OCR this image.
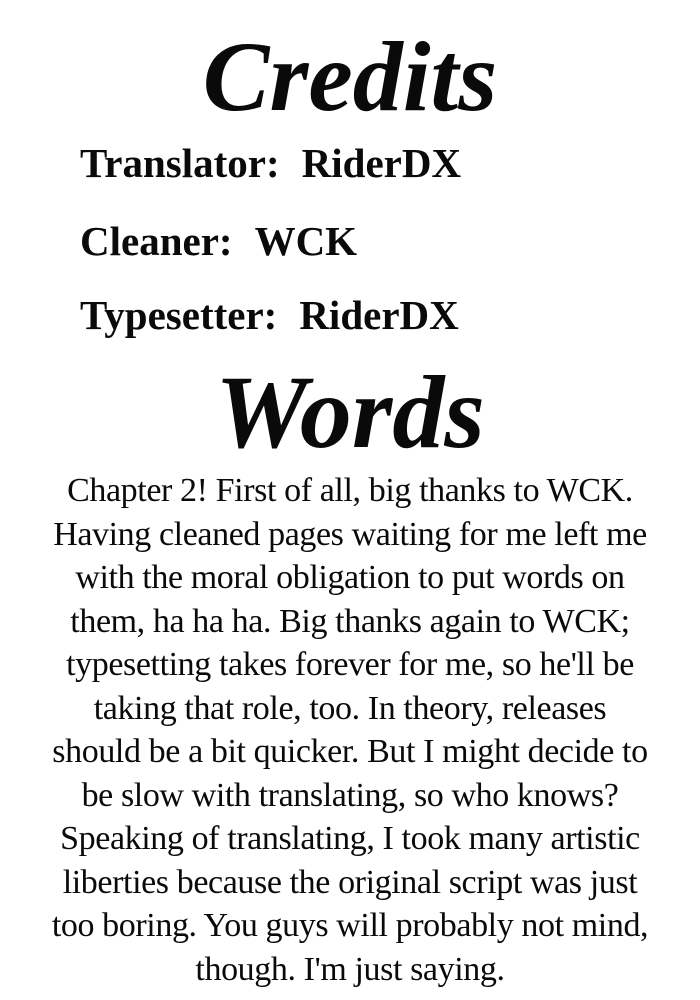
Credits
Translator: RiderDX
Cleaner: WCK
Typesetter: RiderDX
Words
Chapter 2! First of all, big thanks to WCK.
Having cleaned pages waiting for me left me
with the moral obligation to put words on
them, ha ha ha. Big thanks again to WCK;
typesetting takes forever for me, so he'll be
taking that role, too. In theory, releases
should be a bit quicker. But I might decide to
be slow with translating, so who knows?
Speaking of translating, I took many artistic
liberties because the original script was just
too boring. You guys will probably not mind,
though. I'm just saying.
